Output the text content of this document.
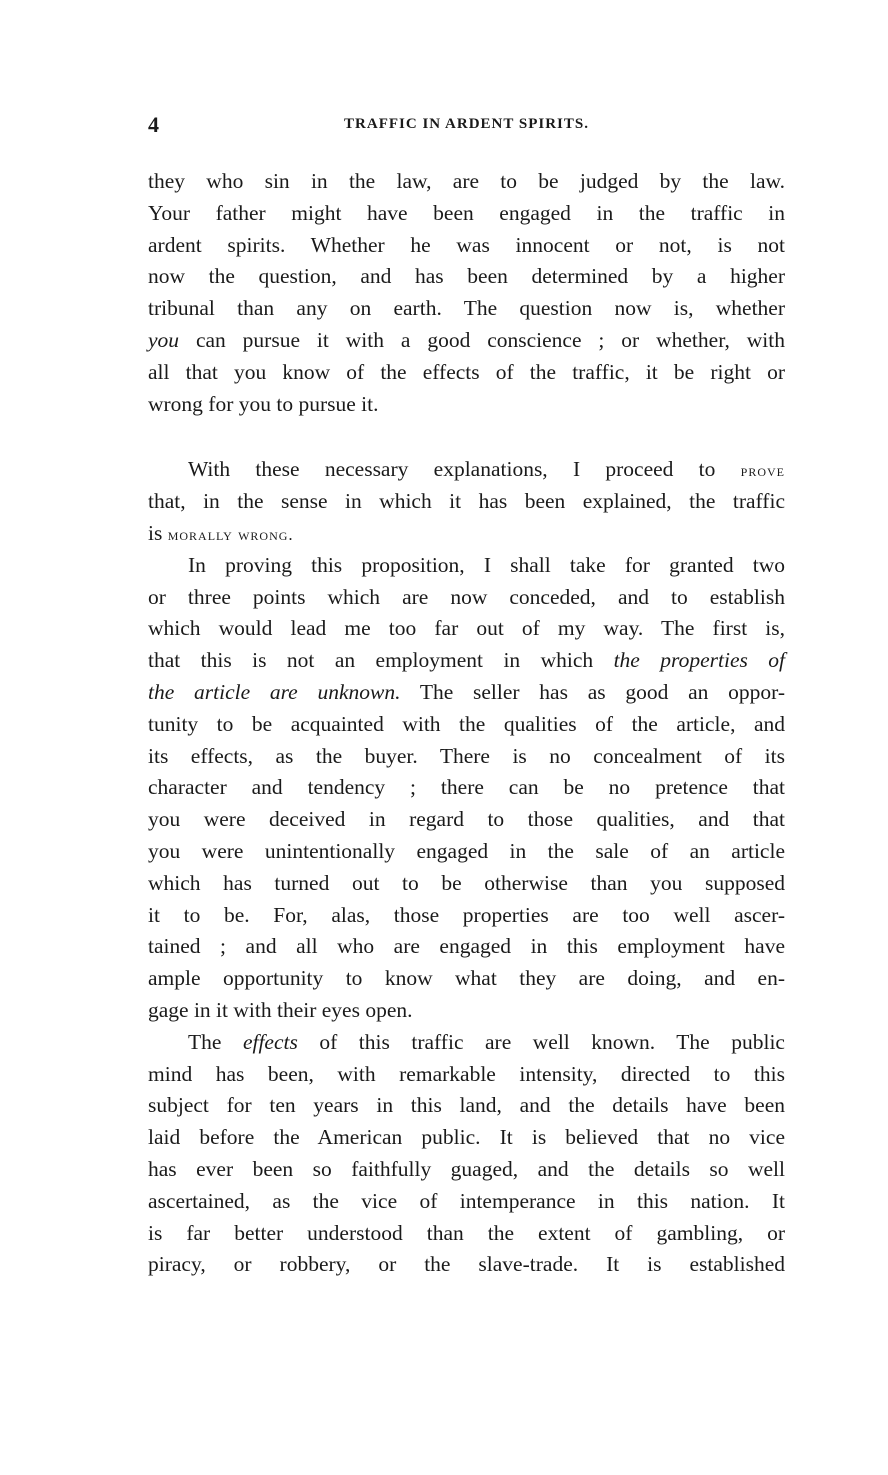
4	TRAFFIC IN ARDENT SPIRITS.
they who sin in the law, are to be judged by the law.
Your father might have been engaged in the traffic in
ardent spirits. Whether he was innocent or not, is not
now the question, and has been determined by a higher
tribunal than any on earth. The question now is, whether
you can pursue it with a good conscience ; or whether, with
all that you know of the effects of the traffic, it be right or
wrong for you to pursue it.
With these necessary explanations, I proceed to prove
that, in the sense in which it has been explained, the traffic
is morally wrong.
In proving this proposition, I shall take for granted two
or three points which are now conceded, and to establish
which would lead me too far out of my way. The first is,
that this is not an employment in which the properties of
the article are unknown. The seller has as good an oppor-
tunity to be acquainted with the qualities of the article, and
its effects, as the buyer. There is no concealment of its
character and tendency ; there can be no pretence that
you were deceived in regard to those qualities, and that
you were unintentionally engaged in the sale of an article
which has turned out to be otherwise than you supposed
it to be. For, alas, those properties are too well ascer-
tained ; and all who are engaged in this employment have
ample opportunity to know what they are doing, and en-
gage in it with their eyes open.
The effects of this traffic are well known. The public
mind has been, with remarkable intensity, directed to this
subject for ten years in this land, and the details have been
laid before the American public. It is believed that no vice
has ever been so faithfully guaged, and the details so well
ascertained, as the vice of intemperance in this nation. It
is far better understood than the extent of gambling, or
piracy, or robbery, or the slave-trade. It is established
